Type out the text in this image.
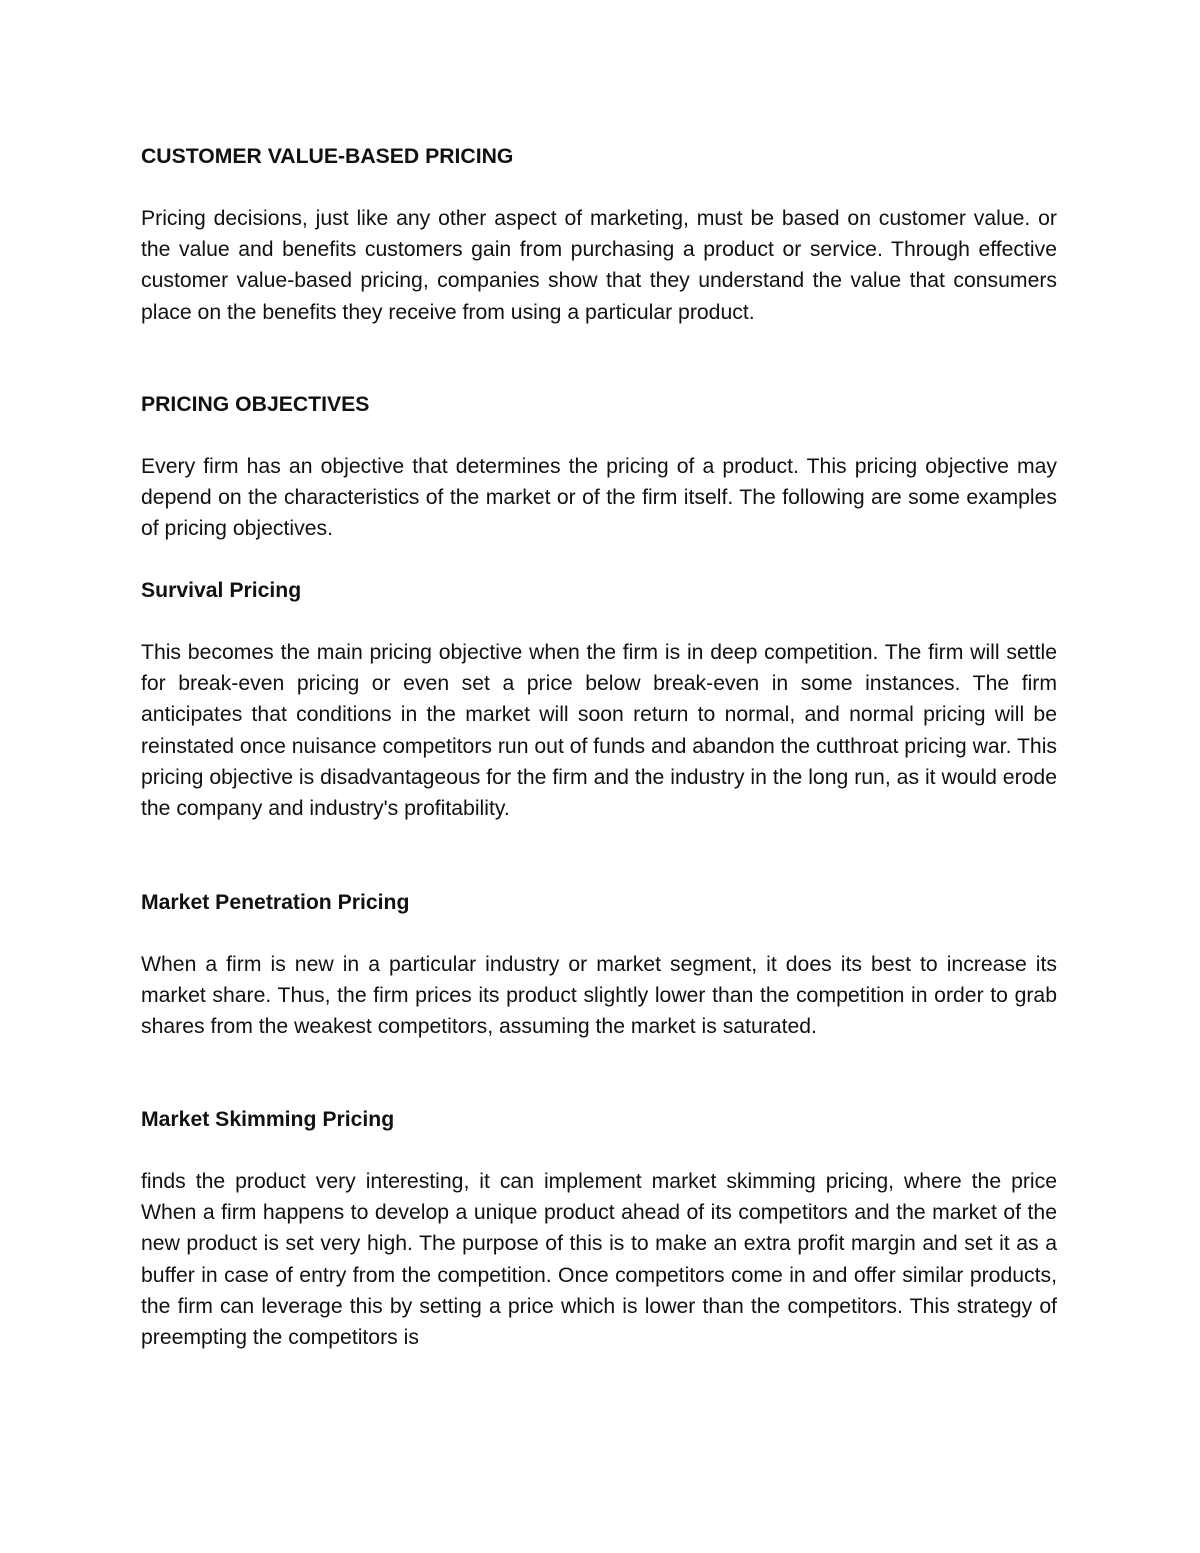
CUSTOMER VALUE-BASED PRICING

Pricing decisions, just like any other aspect of marketing, must be based on customer value. or the value and benefits customers gain from purchasing a product or service. Through effective customer value-based pricing, companies show that they understand the value that consumers place on the benefits they receive from using a particular product.

PRICING OBJECTIVES

Every firm has an objective that determines the pricing of a product. This pricing objective may depend on the characteristics of the market or of the firm itself. The following are some examples of pricing objectives.

Survival Pricing

This becomes the main pricing objective when the firm is in deep competition. The firm will settle for break-even pricing or even set a price below break-even in some instances. The firm anticipates that conditions in the market will soon return to normal, and normal pricing will be reinstated once nuisance competitors run out of funds and abandon the cutthroat pricing war. This pricing objective is disadvantageous for the firm and the industry in the long run, as it would erode the company and industry's profitability.

Market Penetration Pricing

When a firm is new in a particular industry or market segment, it does its best to increase its market share. Thus, the firm prices its product slightly lower than the competition in order to grab shares from the weakest competitors, assuming the market is saturated.

Market Skimming Pricing

finds the product very interesting, it can implement market skimming pricing, where the price When a firm happens to develop a unique product ahead of its competitors and the market of the new product is set very high. The purpose of this is to make an extra profit margin and set it as a buffer in case of entry from the competition. Once competitors come in and offer similar products, the firm can leverage this by setting a price which is lower than the competitors. This strategy of preempting the competitors is
